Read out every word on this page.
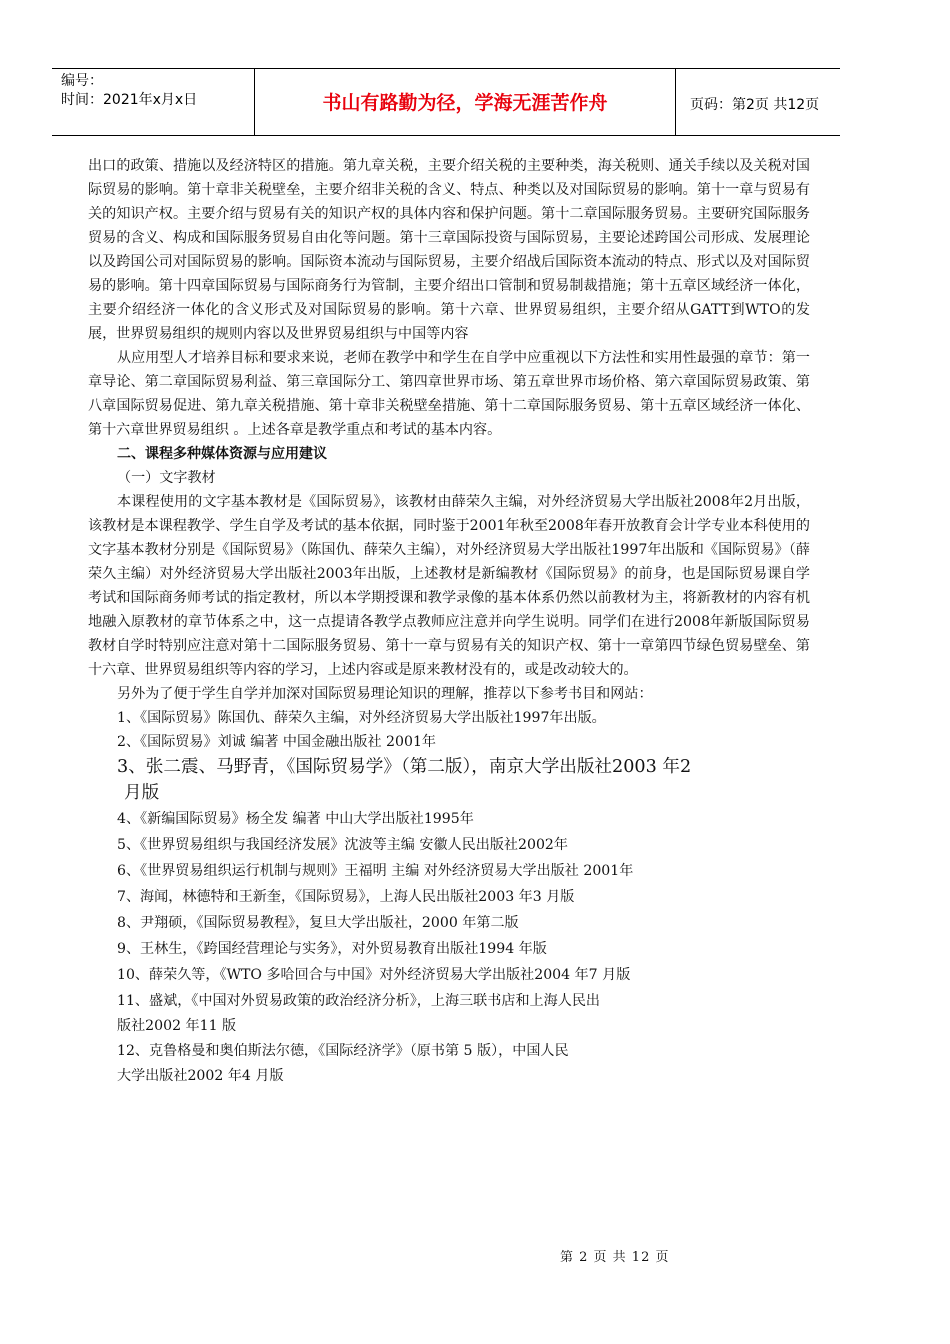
编号：
时间：2021年x月x日	书山有路勤为径，学海无涯苦作舟	页码：第2页 共12页

出口的政策、措施以及经济特区的措施。第九章关税，主要介绍关税的主要种类，海关税则、通关手续以及关税对国际贸易的影响。第十章非关税壁垒，主要介绍非关税的含义、特点、种类以及对国际贸易的影响。第十一章与贸易有关的知识产权。主要介绍与贸易有关的知识产权的具体内容和保护问题。第十二章国际服务贸易。主要研究国际服务贸易的含义、构成和国际服务贸易自由化等问题。第十三章国际投资与国际贸易，主要论述跨国公司形成、发展理论以及跨国公司对国际贸易的影响。国际资本流动与国际贸易，主要介绍战后国际资本流动的特点、形式以及对国际贸易的影响。第十四章国际贸易与国际商务行为管制，主要介绍出口管制和贸易制裁措施；第十五章区域经济一体化，主要介绍经济一体化的含义形式及对国际贸易的影响。第十六章、世界贸易组织，主要介绍从GATT到WTO的发展，世界贸易组织的规则内容以及世界贸易组织与中国等内容

从应用型人才培养目标和要求来说，老师在教学中和学生在自学中应重视以下方法性和实用性最强的章节：第一章导论、第二章国际贸易利益、第三章国际分工、第四章世界市场、第五章世界市场价格、第六章国际贸易政策、第八章国际贸易促进、第九章关税措施、第十章非关税壁垒措施、第十二章国际服务贸易、第十五章区域经济一体化、第十六章世界贸易组织 。上述各章是教学重点和考试的基本内容。

二、课程多种媒体资源与应用建议

（一）文字教材

本课程使用的文字基本教材是《国际贸易》，该教材由薛荣久主编，对外经济贸易大学出版社2008年2月出版，该教材是本课程教学、学生自学及考试的基本依据，同时鉴于2001年秋至2008年春开放教育会计学专业本科使用的文字基本教材分别是《国际贸易》（陈国仇、薛荣久主编），对外经济贸易大学出版社1997年出版和《国际贸易》（薛荣久主编）对外经济贸易大学出版社2003年出版，上述教材是新编教材《国际贸易》的前身，也是国际贸易课自学考试和国际商务师考试的指定教材，所以本学期授课和教学录像的基本体系仍然以前教材为主，将新教材的内容有机地融入原教材的章节体系之中，这一点提请各教学点教师应注意并向学生说明。同学们在进行2008年新版国际贸易教材自学时特别应注意对第十二国际服务贸易、第十一章与贸易有关的知识产权、第十一章第四节绿色贸易壁垒、第十六章、世界贸易组织等内容的学习，上述内容或是原来教材没有的，或是改动较大的。

另外为了便于学生自学并加深对国际贸易理论知识的理解，推荐以下参考书目和网站：

1、《国际贸易》陈国仇、薛荣久主编，对外经济贸易大学出版社1997年出版。

2、《国际贸易》刘诚 编著 中国金融出版社 2001年

3、张二震、马野青，《国际贸易学》（第二版），南京大学出版社2003 年2

月版

4、《新编国际贸易》杨全发 编著 中山大学出版社1995年

5、《世界贸易组织与我国经济发展》沈波等主编 安徽人民出版社2002年

6、《世界贸易组织运行机制与规则》王福明 主编 对外经济贸易大学出版社 2001年

7、海闻，林德特和王新奎，《国际贸易》，上海人民出版社2003 年3 月版

8、尹翔硕，《国际贸易教程》，复旦大学出版社，2000 年第二版

9、王林生，《跨国经营理论与实务》，对外贸易教育出版社1994 年版

10、薛荣久等，《WTO 多哈回合与中国》对外经济贸易大学出版社2004 年7 月版

11、盛斌，《中国对外贸易政策的政治经济分析》，上海三联书店和上海人民出

版社2002 年11 版

12、克鲁格曼和奥伯斯法尔德，《国际经济学》（原书第 5 版），中国人民

大学出版社2002 年4 月版

第 2 页 共 12 页
